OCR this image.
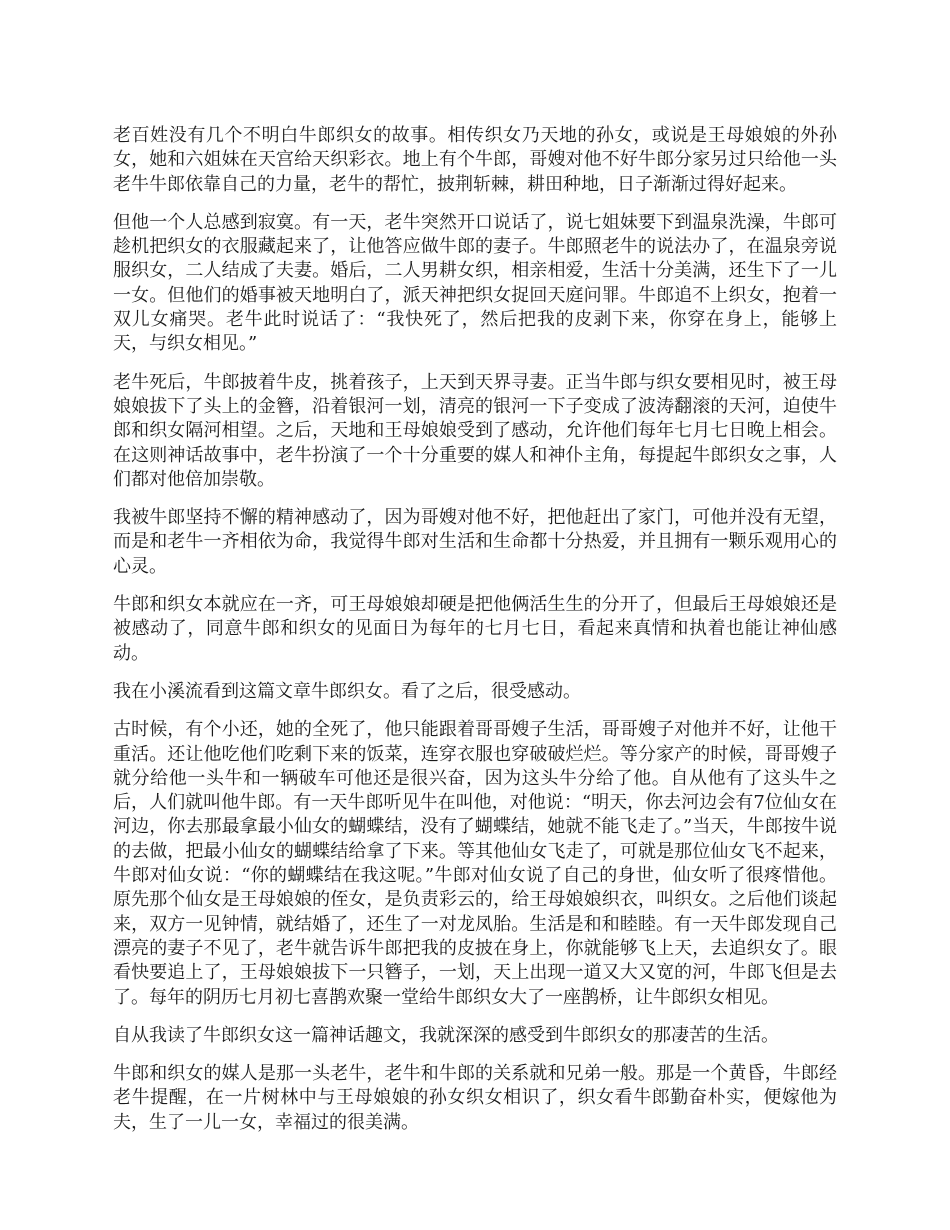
老百姓没有几个不明白牛郎织女的故事。相传织女乃天地的孙女，或说是王母娘娘的外孙女，她和六姐妹在天宫给天织彩衣。地上有个牛郎，哥嫂对他不好牛郎分家另过只给他一头老牛牛郎依靠自己的力量，老牛的帮忙，披荆斩棘，耕田种地，日子渐渐过得好起来。

但他一个人总感到寂寞。有一天，老牛突然开口说话了，说七姐妹要下到温泉洗澡，牛郎可趁机把织女的衣服藏起来了，让他答应做牛郎的妻子。牛郎照老牛的说法办了，在温泉旁说服织女，二人结成了夫妻。婚后，二人男耕女织，相亲相爱，生活十分美满，还生下了一儿一女。但他们的婚事被天地明白了，派天神把织女捉回天庭问罪。牛郎追不上织女，抱着一双儿女痛哭。老牛此时说话了：“我快死了，然后把我的皮剥下来，你穿在身上，能够上天，与织女相见。”

老牛死后，牛郎披着牛皮，挑着孩子，上天到天界寻妻。正当牛郎与织女要相见时，被王母娘娘拔下了头上的金簪，沿着银河一划，清亮的银河一下子变成了波涛翻滚的天河，迫使牛郎和织女隔河相望。之后，天地和王母娘娘受到了感动，允许他们每年七月七日晚上相会。在这则神话故事中，老牛扮演了一个十分重要的媒人和神仆主角，每提起牛郎织女之事，人们都对他倍加崇敬。

我被牛郎坚持不懈的精神感动了，因为哥嫂对他不好，把他赶出了家门，可他并没有无望，而是和老牛一齐相依为命，我觉得牛郎对生活和生命都十分热爱，并且拥有一颗乐观用心的心灵。

牛郎和织女本就应在一齐，可王母娘娘却硬是把他俩活生生的分开了，但最后王母娘娘还是被感动了，同意牛郎和织女的见面日为每年的七月七日，看起来真情和执着也能让神仙感动。

我在小溪流看到这篇文章牛郎织女。看了之后，很受感动。

古时候，有个小还，她的全死了，他只能跟着哥哥嫂子生活，哥哥嫂子对他并不好，让他干重活。还让他吃他们吃剩下来的饭菜，连穿衣服也穿破破烂烂。等分家产的时候，哥哥嫂子就分给他一头牛和一辆破车可他还是很兴奋，因为这头牛分给了他。自从他有了这头牛之后，人们就叫他牛郎。有一天牛郎听见牛在叫他，对他说：“明天，你去河边会有7位仙女在河边，你去那最拿最小仙女的蝴蝶结，没有了蝴蝶结，她就不能飞走了。”当天，牛郎按牛说的去做，把最小仙女的蝴蝶结给拿了下来。等其他仙女飞走了，可就是那位仙女飞不起来，牛郎对仙女说：“你的蝴蝶结在我这呢。”牛郎对仙女说了自己的身世，仙女听了很疼惜他。原先那个仙女是王母娘娘的侄女，是负责彩云的，给王母娘娘织衣，叫织女。之后他们谈起来，双方一见钟情，就结婚了，还生了一对龙凤胎。生活是和和睦睦。有一天牛郎发现自己漂亮的妻子不见了，老牛就告诉牛郎把我的皮披在身上，你就能够飞上天，去追织女了。眼看快要追上了，王母娘娘拔下一只簪子，一划，天上出现一道又大又宽的河，牛郎飞但是去了。每年的阴历七月初七喜鹊欢聚一堂给牛郎织女大了一座鹊桥，让牛郎织女相见。

自从我读了牛郎织女这一篇神话趣文，我就深深的感受到牛郎织女的那凄苦的生活。

牛郎和织女的媒人是那一头老牛，老牛和牛郎的关系就和兄弟一般。那是一个黄昏，牛郎经老牛提醒，在一片树林中与王母娘娘的孙女织女相识了，织女看牛郎勤奋朴实，便嫁他为夫，生了一儿一女，幸福过的很美满。
